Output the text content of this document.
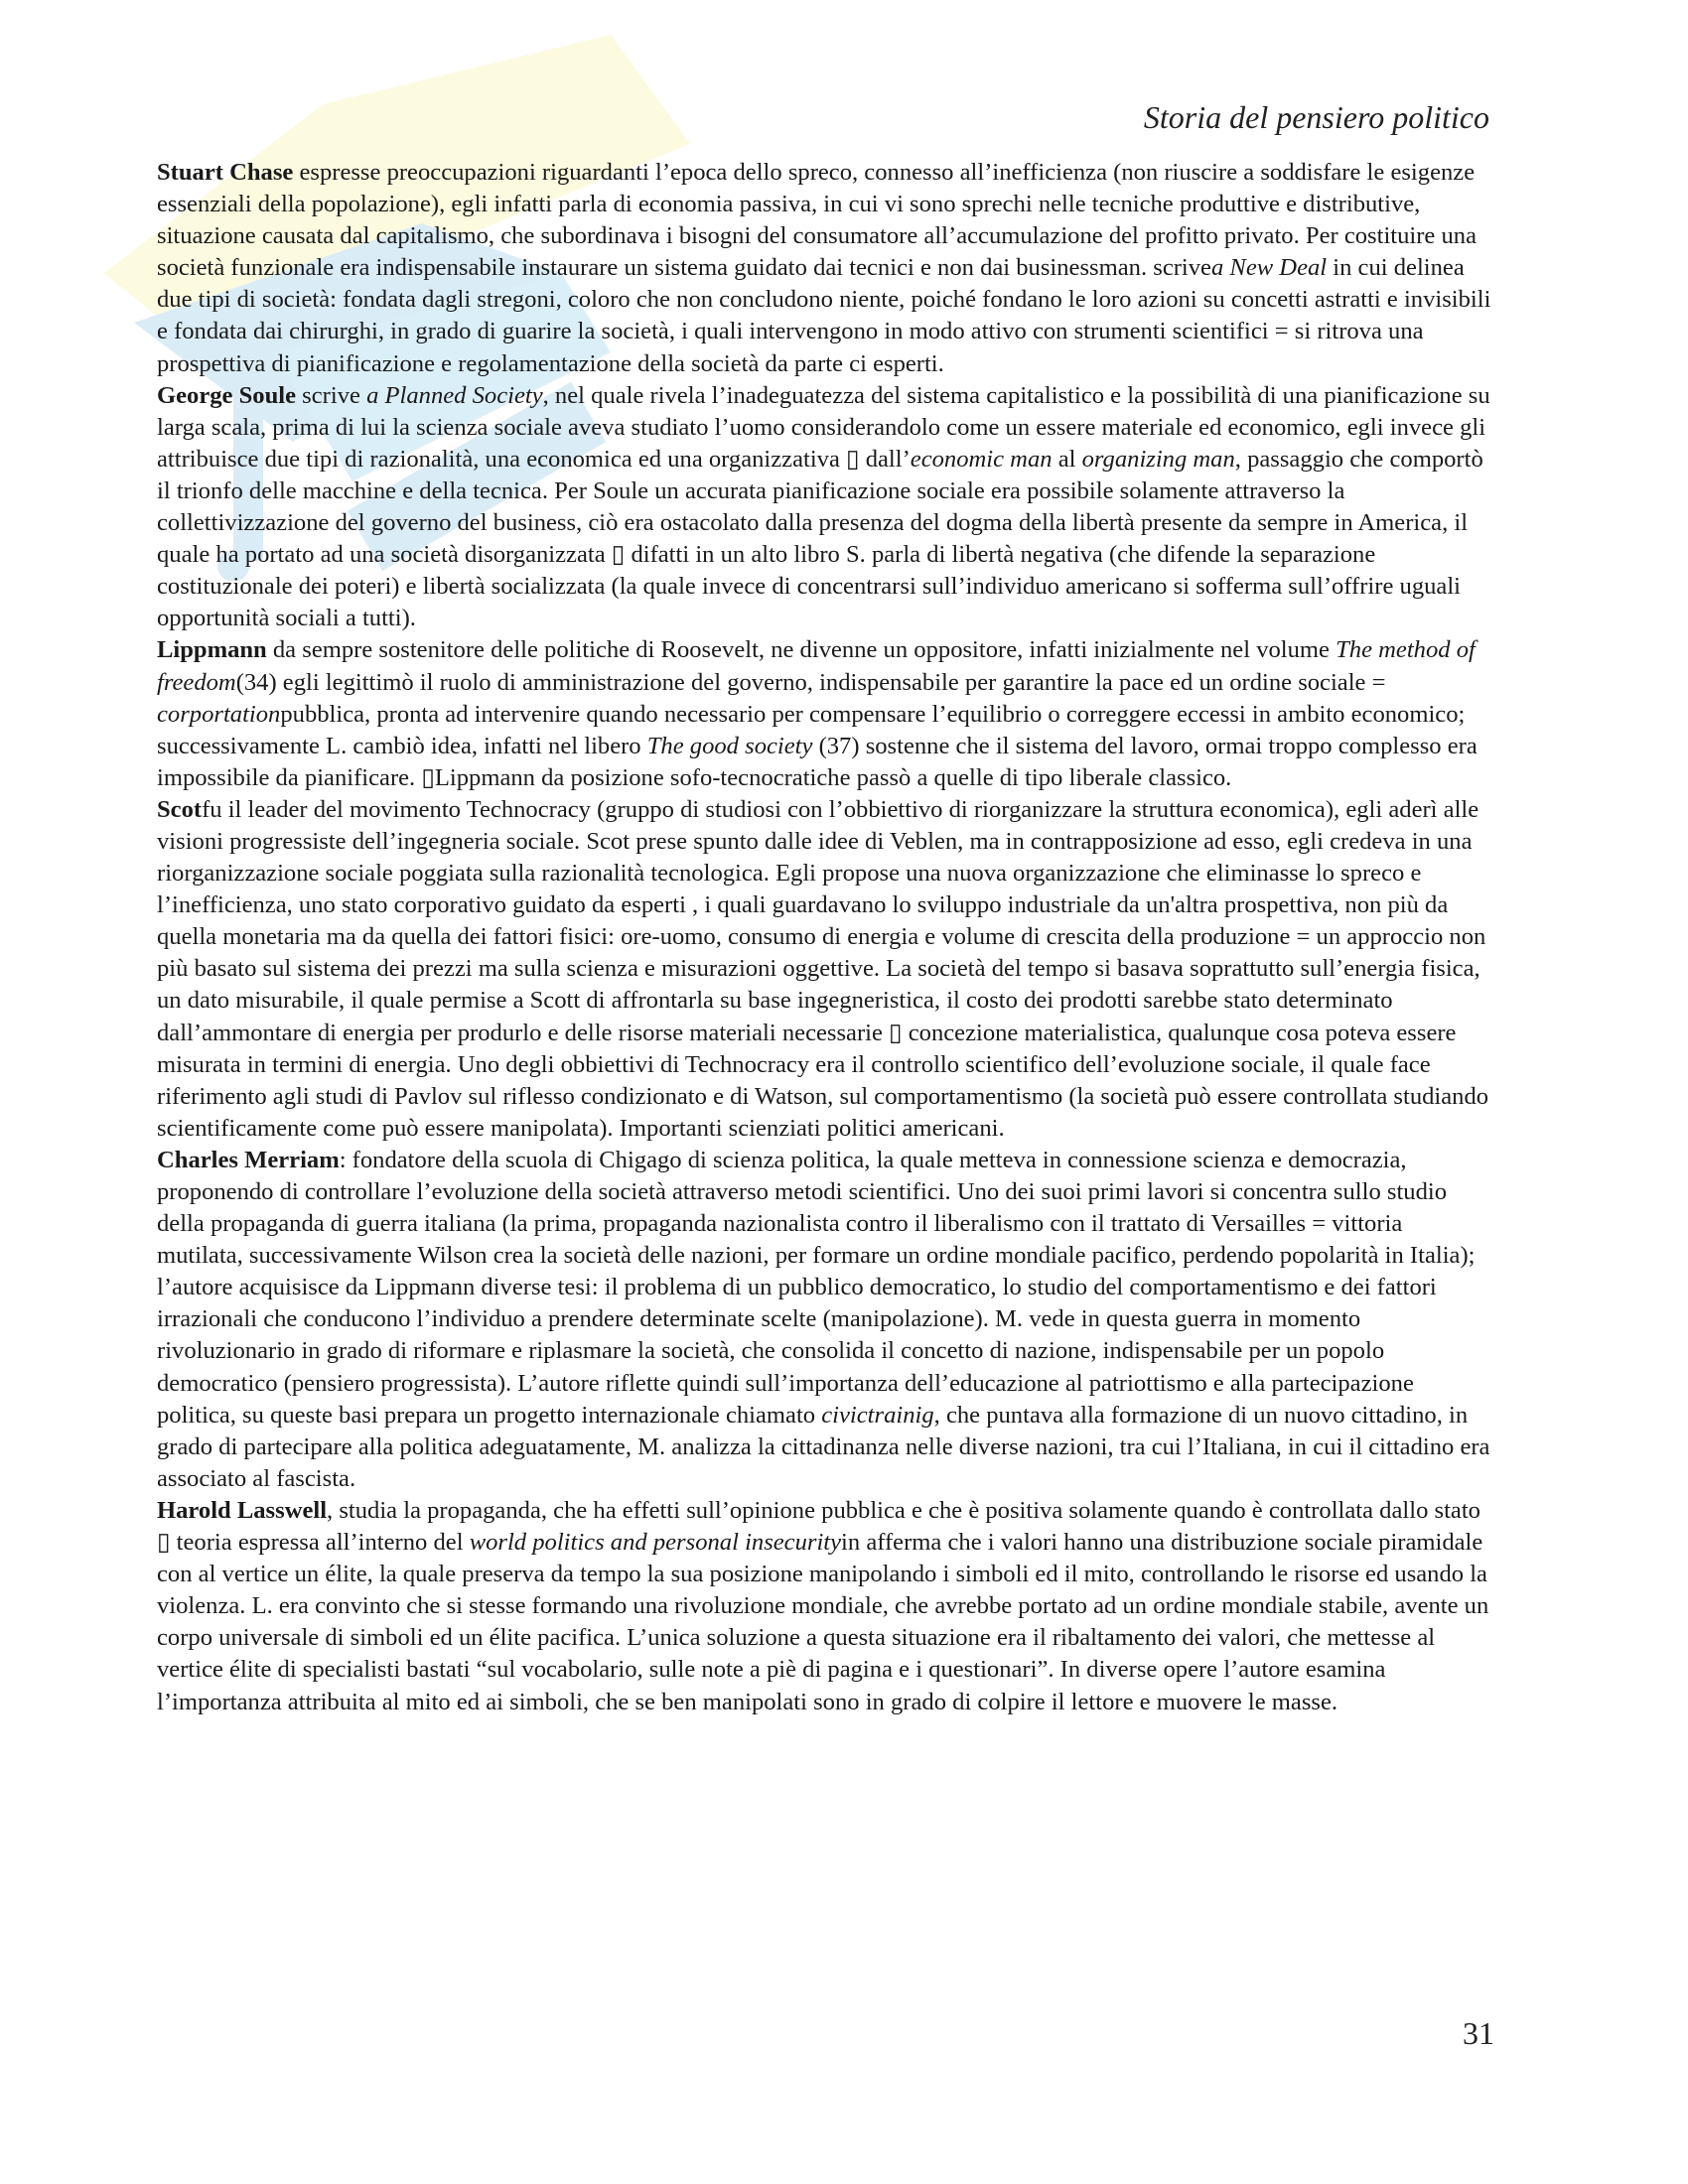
Storia del pensiero politico

Stuart Chase espresse preoccupazioni riguardanti l’epoca dello spreco, connesso all’inefficienza (non riuscire a soddisfare le esigenze essenziali della popolazione), egli infatti parla di economia passiva, in cui vi sono sprechi nelle tecniche produttive e distributive, situazione causata dal capitalismo, che subordinava i bisogni del consumatore all’accumulazione del profitto privato. Per costituire una società funzionale era indispensabile instaurare un sistema guidato dai tecnici e non dai businessman. scrivea New Deal in cui delinea due tipi di società: fondata dagli stregoni, coloro che non concludono niente, poiché fondano le loro azioni su concetti astratti e invisibili e fondata dai chirurghi, in grado di guarire la società, i quali intervengono in modo attivo con strumenti scientifici = si ritrova una prospettiva di pianificazione e regolamentazione della società da parte ci esperti.

George Soule scrive a Planned Society, nel quale rivela l’inadeguatezza del sistema capitalistico e la possibilità di una pianificazione su larga scala, prima di lui la scienza sociale aveva studiato l’uomo considerandolo come un essere materiale ed economico, egli invece gli attribuisce due tipi di razionalità, una economica ed una organizzativa ▯ dall’economic man al organizing man, passaggio che comportò il trionfo delle macchine e della tecnica. Per Soule un accurata pianificazione sociale era possibile solamente attraverso la collettivizzazione del governo del business, ciò era ostacolato dalla presenza del dogma della libertà presente da sempre in America, il quale ha portato ad una società disorganizzata ▯ difatti in un alto libro S. parla di libertà negativa (che difende la separazione costituzionale dei poteri) e libertà socializzata (la quale invece di concentrarsi sull’individuo americano si sofferma sull’offrire uguali opportunità sociali a tutti).

Lippmann da sempre sostenitore delle politiche di Roosevelt, ne divenne un oppositore, infatti inizialmente nel volume The method of freedom(34) egli legittimò il ruolo di amministrazione del governo, indispensabile per garantire la pace ed un ordine sociale = corportationpubblica, pronta ad intervenire quando necessario per compensare l’equilibrio o correggere eccessi in ambito economico; successivamente L. cambiò idea, infatti nel libero The good society (37) sostenne che il sistema del lavoro, ormai troppo complesso era impossibile da pianificare. ▯Lippmann da posizione sofo-tecnocratiche passò a quelle di tipo liberale classico.

Scotfu il leader del movimento Technocracy (gruppo di studiosi con l’obbiettivo di riorganizzare la struttura economica), egli aderì alle visioni progressiste dell’ingegneria sociale. Scot prese spunto dalle idee di Veblen, ma in contrapposizione ad esso, egli credeva in una riorganizzazione sociale poggiata sulla razionalità tecnologica. Egli propose una nuova organizzazione che eliminasse lo spreco e l’inefficienza, uno stato corporativo guidato da esperti , i quali guardavano lo sviluppo industriale da un'altra prospettiva, non più da quella monetaria ma da quella dei fattori fisici: ore-uomo, consumo di energia e volume di crescita della produzione = un approccio non più basato sul sistema dei prezzi ma sulla scienza e misurazioni oggettive. La società del tempo si basava soprattutto sull’energia fisica, un dato misurabile, il quale permise a Scott di affrontarla su base ingegneristica, il costo dei prodotti sarebbe stato determinato dall’ammontare di energia per produrlo e delle risorse materiali necessarie ▯ concezione materialistica, qualunque cosa poteva essere misurata in termini di energia. Uno degli obbiettivi di Technocracy era il controllo scientifico dell’evoluzione sociale, il quale face riferimento agli studi di Pavlov sul riflesso condizionato e di Watson, sul comportamentismo (la società può essere controllata studiando scientificamente come può essere manipolata). Importanti scienziati politici americani.

Charles Merriam: fondatore della scuola di Chigago di scienza politica, la quale metteva in connessione scienza e democrazia, proponendo di controllare l’evoluzione della società attraverso metodi scientifici. Uno dei suoi primi lavori si concentra sullo studio della propaganda di guerra italiana (la prima, propaganda nazionalista contro il liberalismo con il trattato di Versailles = vittoria mutilata, successivamente Wilson crea la società delle nazioni, per formare un ordine mondiale pacifico, perdendo popolarità in Italia); l’autore acquisisce da Lippmann diverse tesi: il problema di un pubblico democratico, lo studio del comportamentismo e dei fattori irrazionali che conducono l’individuo a prendere determinate scelte (manipolazione). M. vede in questa guerra in momento rivoluzionario in grado di riformare e riplasmare la società, che consolida il concetto di nazione, indispensabile per un popolo democratico (pensiero progressista). L’autore riflette quindi sull’importanza dell’educazione al patriottismo e alla partecipazione politica, su queste basi prepara un progetto internazionale chiamato civictrainig, che puntava alla formazione di un nuovo cittadino, in grado di partecipare alla politica adeguatamente, M. analizza la cittadinanza nelle diverse nazioni, tra cui l’Italiana, in cui il cittadino era associato al fascista.

Harold Lasswell, studia la propaganda, che ha effetti sull’opinione pubblica e che è positiva solamente quando è controllata dallo stato ▯ teoria espressa all’interno del world politics and personal insecurityin afferma che i valori hanno una distribuzione sociale piramidale con al vertice un élite, la quale preserva da tempo la sua posizione manipolando i simboli ed il mito, controllando le risorse ed usando la violenza. L. era convinto che si stesse formando una rivoluzione mondiale, che avrebbe portato ad un ordine mondiale stabile, avente un corpo universale di simboli ed un élite pacifica. L’unica soluzione a questa situazione era il ribaltamento dei valori, che mettesse al vertice élite di specialisti bastati “sul vocabolario, sulle note a piè di pagina e i questionari”. In diverse opere l’autore esamina l’importanza attribuita al mito ed ai simboli, che se ben manipolati sono in grado di colpire il lettore e muovere le masse.

31
